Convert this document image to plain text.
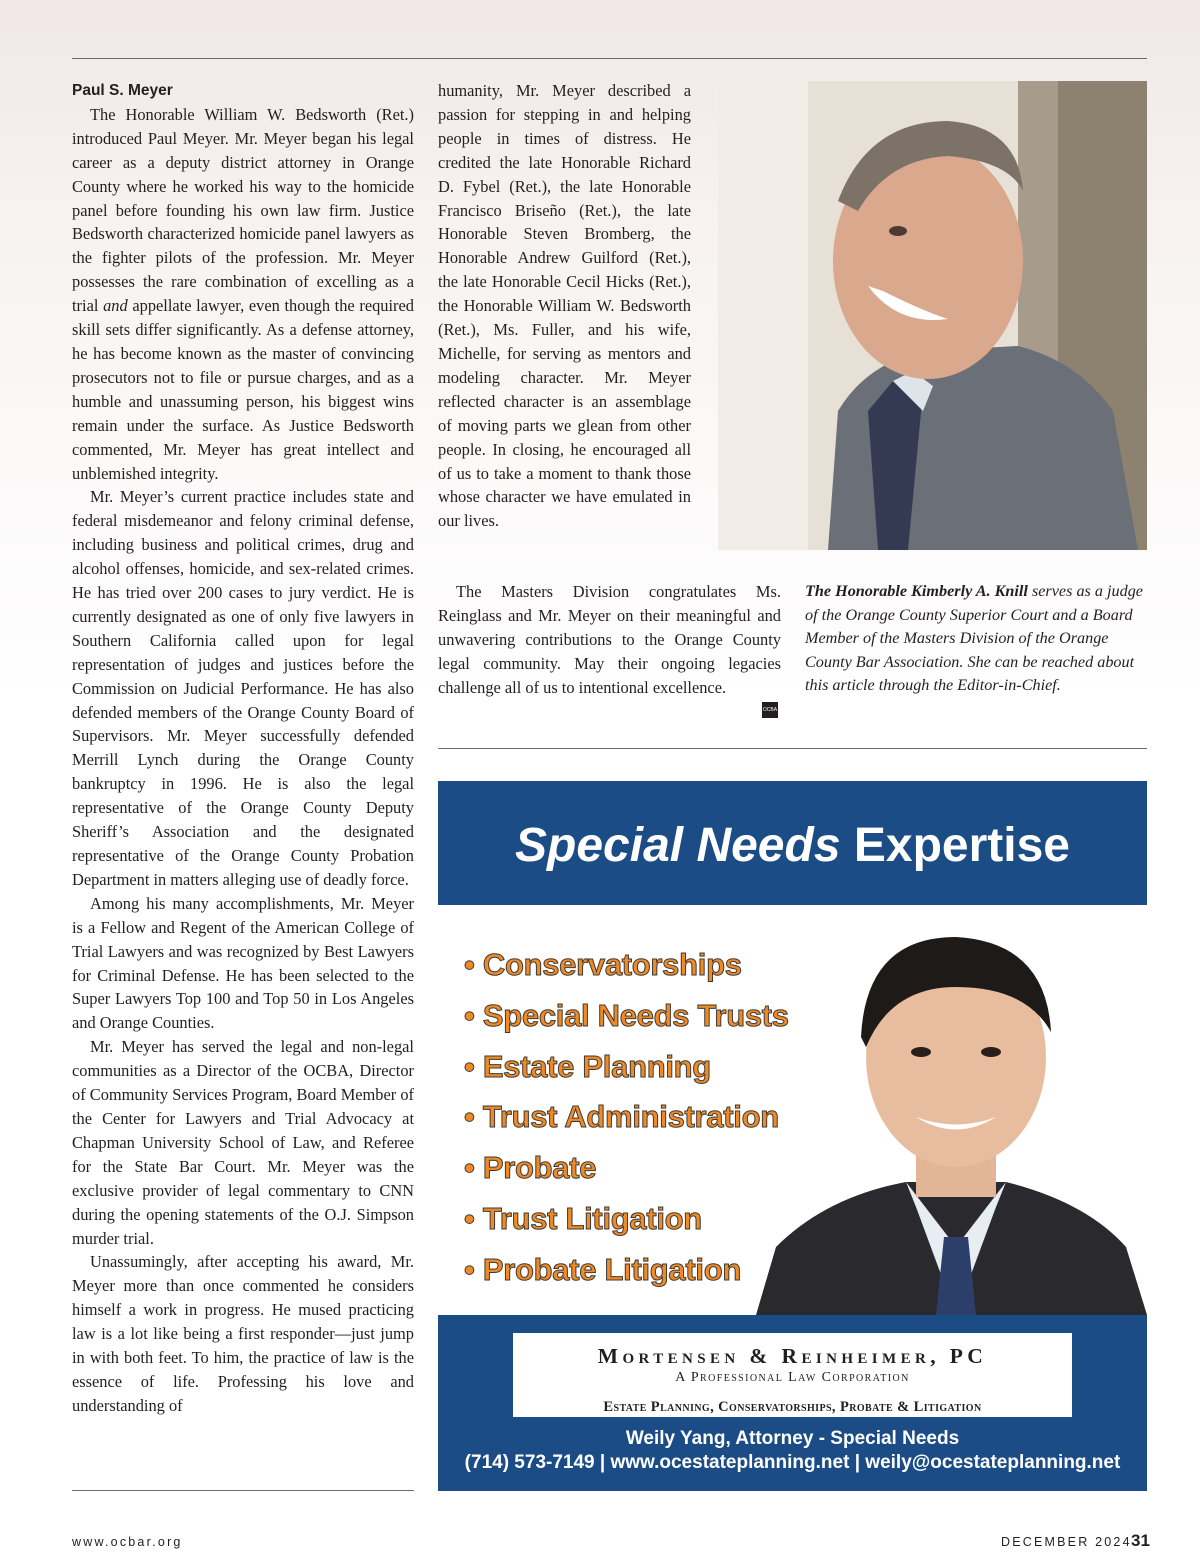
Paul S. Meyer

The Honorable William W. Bedsworth (Ret.) introduced Paul Meyer. Mr. Meyer began his legal career as a deputy district attorney in Orange County where he worked his way to the homicide panel before founding his own law firm. Justice Bedsworth characterized homicide panel lawyers as the fighter pilots of the profession. Mr. Meyer possesses the rare combination of excelling as a trial and appellate lawyer, even though the required skill sets differ significantly. As a defense attorney, he has become known as the master of convincing prosecutors not to file or pursue charges, and as a humble and unassuming person, his biggest wins remain under the surface. As Justice Bedsworth commented, Mr. Meyer has great intellect and unblemished integrity.

Mr. Meyer’s current practice includes state and federal misdemeanor and felony criminal defense, including business and political crimes, drug and alcohol offenses, homicide, and sex-related crimes. He has tried over 200 cases to jury verdict. He is currently designated as one of only five lawyers in Southern California called upon for legal representation of judges and justices before the Commission on Judicial Performance. He has also defended members of the Orange County Board of Supervisors. Mr. Meyer successfully defended Merrill Lynch during the Orange County bankruptcy in 1996. He is also the legal representative of the Orange County Deputy Sheriff’s Association and the designated representative of the Orange County Probation Department in matters alleging use of deadly force.

Among his many accomplishments, Mr. Meyer is a Fellow and Regent of the American College of Trial Lawyers and was recognized by Best Lawyers for Criminal Defense. He has been selected to the Super Lawyers Top 100 and Top 50 in Los Angeles and Orange Counties.

Mr. Meyer has served the legal and non-legal communities as a Director of the OCBA, Director of Community Services Program, Board Member of the Center for Lawyers and Trial Advocacy at Chapman University School of Law, and Referee for the State Bar Court. Mr. Meyer was the exclusive provider of legal commentary to CNN during the opening statements of the O.J. Simpson murder trial.

Unassumingly, after accepting his award, Mr. Meyer more than once commented he considers himself a work in progress. He mused practicing law is a lot like being a first responder—just jump in with both feet. To him, the practice of law is the essence of life. Professing his love and understanding of

humanity, Mr. Meyer described a passion for stepping in and helping people in times of distress. He credited the late Honorable Richard D. Fybel (Ret.), the late Honorable Francisco Briseño (Ret.), the late Honorable Steven Bromberg, the Honorable Andrew Guilford (Ret.), the late Honorable Cecil Hicks (Ret.), the Honorable William W. Bedsworth (Ret.), Ms. Fuller, and his wife, Michelle, for serving as mentors and modeling character. Mr. Meyer reflected character is an assemblage of moving parts we glean from other people. In closing, he encouraged all of us to take a moment to thank those whose character we have emulated in our lives.

The Masters Division congratulates Ms. Reinglass and Mr. Meyer on their meaningful and unwavering contributions to the Orange County legal community. May their ongoing legacies challenge all of us to intentional excellence.

OCBA
The Honorable Kimberly A. Knill serves as a judge of the Orange County Superior Court and a Board Member of the Masters Division of the Orange County Bar Association. She can be reached about this article through the Editor-in-Chief.
Special Needs Expertise
• Conservatorships
• Special Needs Trusts
• Estate Planning
• Trust Administration
• Probate
• Trust Litigation
• Probate Litigation
Mortensen & Reinheimer, PC
A Professional Law Corporation
Estate Planning, Conservatorships, Probate & Litigation
Weily Yang, Attorney - Special Needs
(714) 573-7149 | www.ocestateplanning.net | weily@ocestateplanning.net
www.ocbar.org	DECEMBER 2024 31
